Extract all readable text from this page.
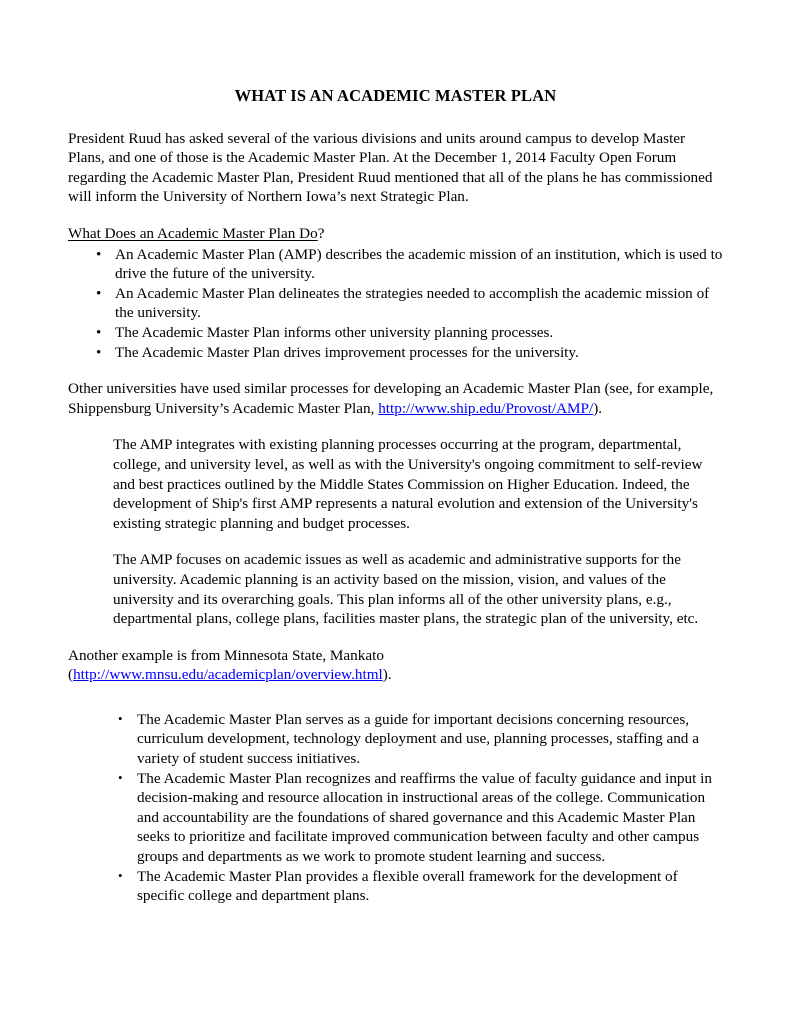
WHAT IS AN ACADEMIC MASTER PLAN

President Ruud has asked several of the various divisions and units around campus to develop Master Plans, and one of those is the Academic Master Plan. At the December 1, 2014 Faculty Open Forum regarding the Academic Master Plan, President Ruud mentioned that all of the plans he has commissioned will inform the University of Northern Iowa’s next Strategic Plan.

What Does an Academic Master Plan Do?
• An Academic Master Plan (AMP) describes the academic mission of an institution, which is used to drive the future of the university.
• An Academic Master Plan delineates the strategies needed to accomplish the academic mission of the university.
• The Academic Master Plan informs other university planning processes.
• The Academic Master Plan drives improvement processes for the university.

Other universities have used similar processes for developing an Academic Master Plan (see, for example, Shippensburg University’s Academic Master Plan, http://www.ship.edu/Provost/AMP/).

The AMP integrates with existing planning processes occurring at the program, departmental, college, and university level, as well as with the University's ongoing commitment to self-review and best practices outlined by the Middle States Commission on Higher Education. Indeed, the development of Ship's first AMP represents a natural evolution and extension of the University's existing strategic planning and budget processes.

The AMP focuses on academic issues as well as academic and administrative supports for the university. Academic planning is an activity based on the mission, vision, and values of the university and its overarching goals. This plan informs all of the other university plans, e.g., departmental plans, college plans, facilities master plans, the strategic plan of the university, etc.

Another example is from Minnesota State, Mankato
(http://www.mnsu.edu/academicplan/overview.html).

• The Academic Master Plan serves as a guide for important decisions concerning resources, curriculum development, technology deployment and use, planning processes, staffing and a variety of student success initiatives.
• The Academic Master Plan recognizes and reaffirms the value of faculty guidance and input in decision-making and resource allocation in instructional areas of the college. Communication and accountability are the foundations of shared governance and this Academic Master Plan seeks to prioritize and facilitate improved communication between faculty and other campus groups and departments as we work to promote student learning and success.
• The Academic Master Plan provides a flexible overall framework for the development of specific college and department plans.
